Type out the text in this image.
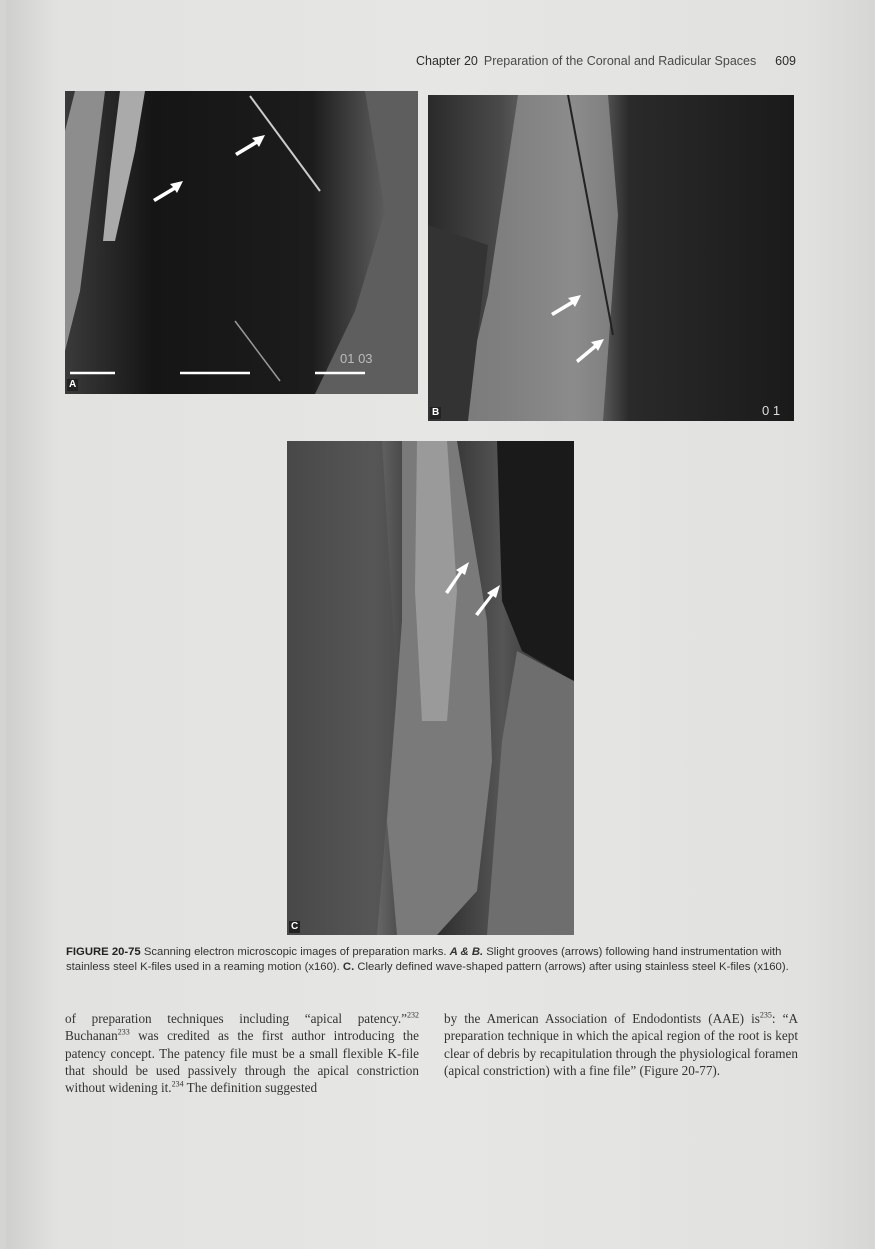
Chapter 20 Preparation of the Coronal and Radicular Spaces 609
01 03
A
0 1
B
C
FIGURE 20-75 Scanning electron microscopic images of preparation marks. A & B. Slight grooves (arrows) following hand instrumentation with stainless steel K-files used in a reaming motion (x160). C. Clearly defined wave-shaped pattern (arrows) after using stainless steel K-files (x160).
of preparation techniques including “apical patency.”$^{232}$ Buchanan$^{233}$ was credited as the first author introducing the patency concept. The patency file must be a small flexible K-file that should be used passively through the apical constriction without widening it.$^{234}$ The definition suggested
by the American Association of Endodontists (AAE) $is^{235}$: “A preparation technique in which the apical region of the root is kept clear of debris by recapitulation through the physiological foramen (apical constriction) with a fine file” (Figure 20-77).
